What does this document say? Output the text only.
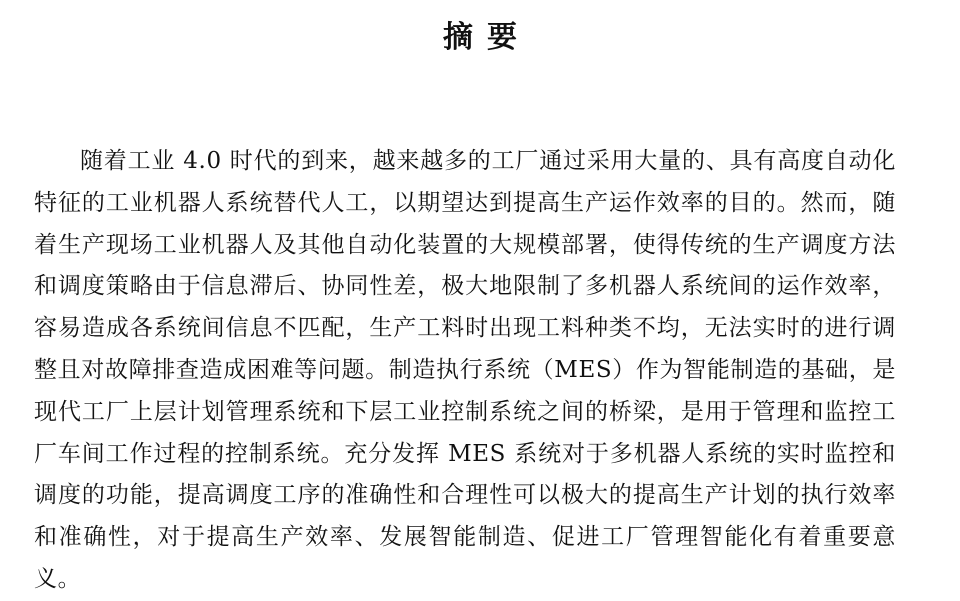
摘要

随着工业 4.0 时代的到来，越来越多的工厂通过采用大量的、具有高度自动化特征的工业机器人系统替代人工，以期望达到提高生产运作效率的目的。然而，随着生产现场工业机器人及其他自动化装置的大规模部署，使得传统的生产调度方法和调度策略由于信息滞后、协同性差，极大地限制了多机器人系统间的运作效率，容易造成各系统间信息不匹配，生产工料时出现工料种类不均，无法实时的进行调整且对故障排查造成困难等问题。制造执行系统（MES）作为智能制造的基础，是现代工厂上层计划管理系统和下层工业控制系统之间的桥梁，是用于管理和监控工厂车间工作过程的控制系统。充分发挥 MES 系统对于多机器人系统的实时监控和调度的功能，提高调度工序的准确性和合理性可以极大的提高生产计划的执行效率和准确性，对于提高生产效率、发展智能制造、促进工厂管理智能化有着重要意义。
